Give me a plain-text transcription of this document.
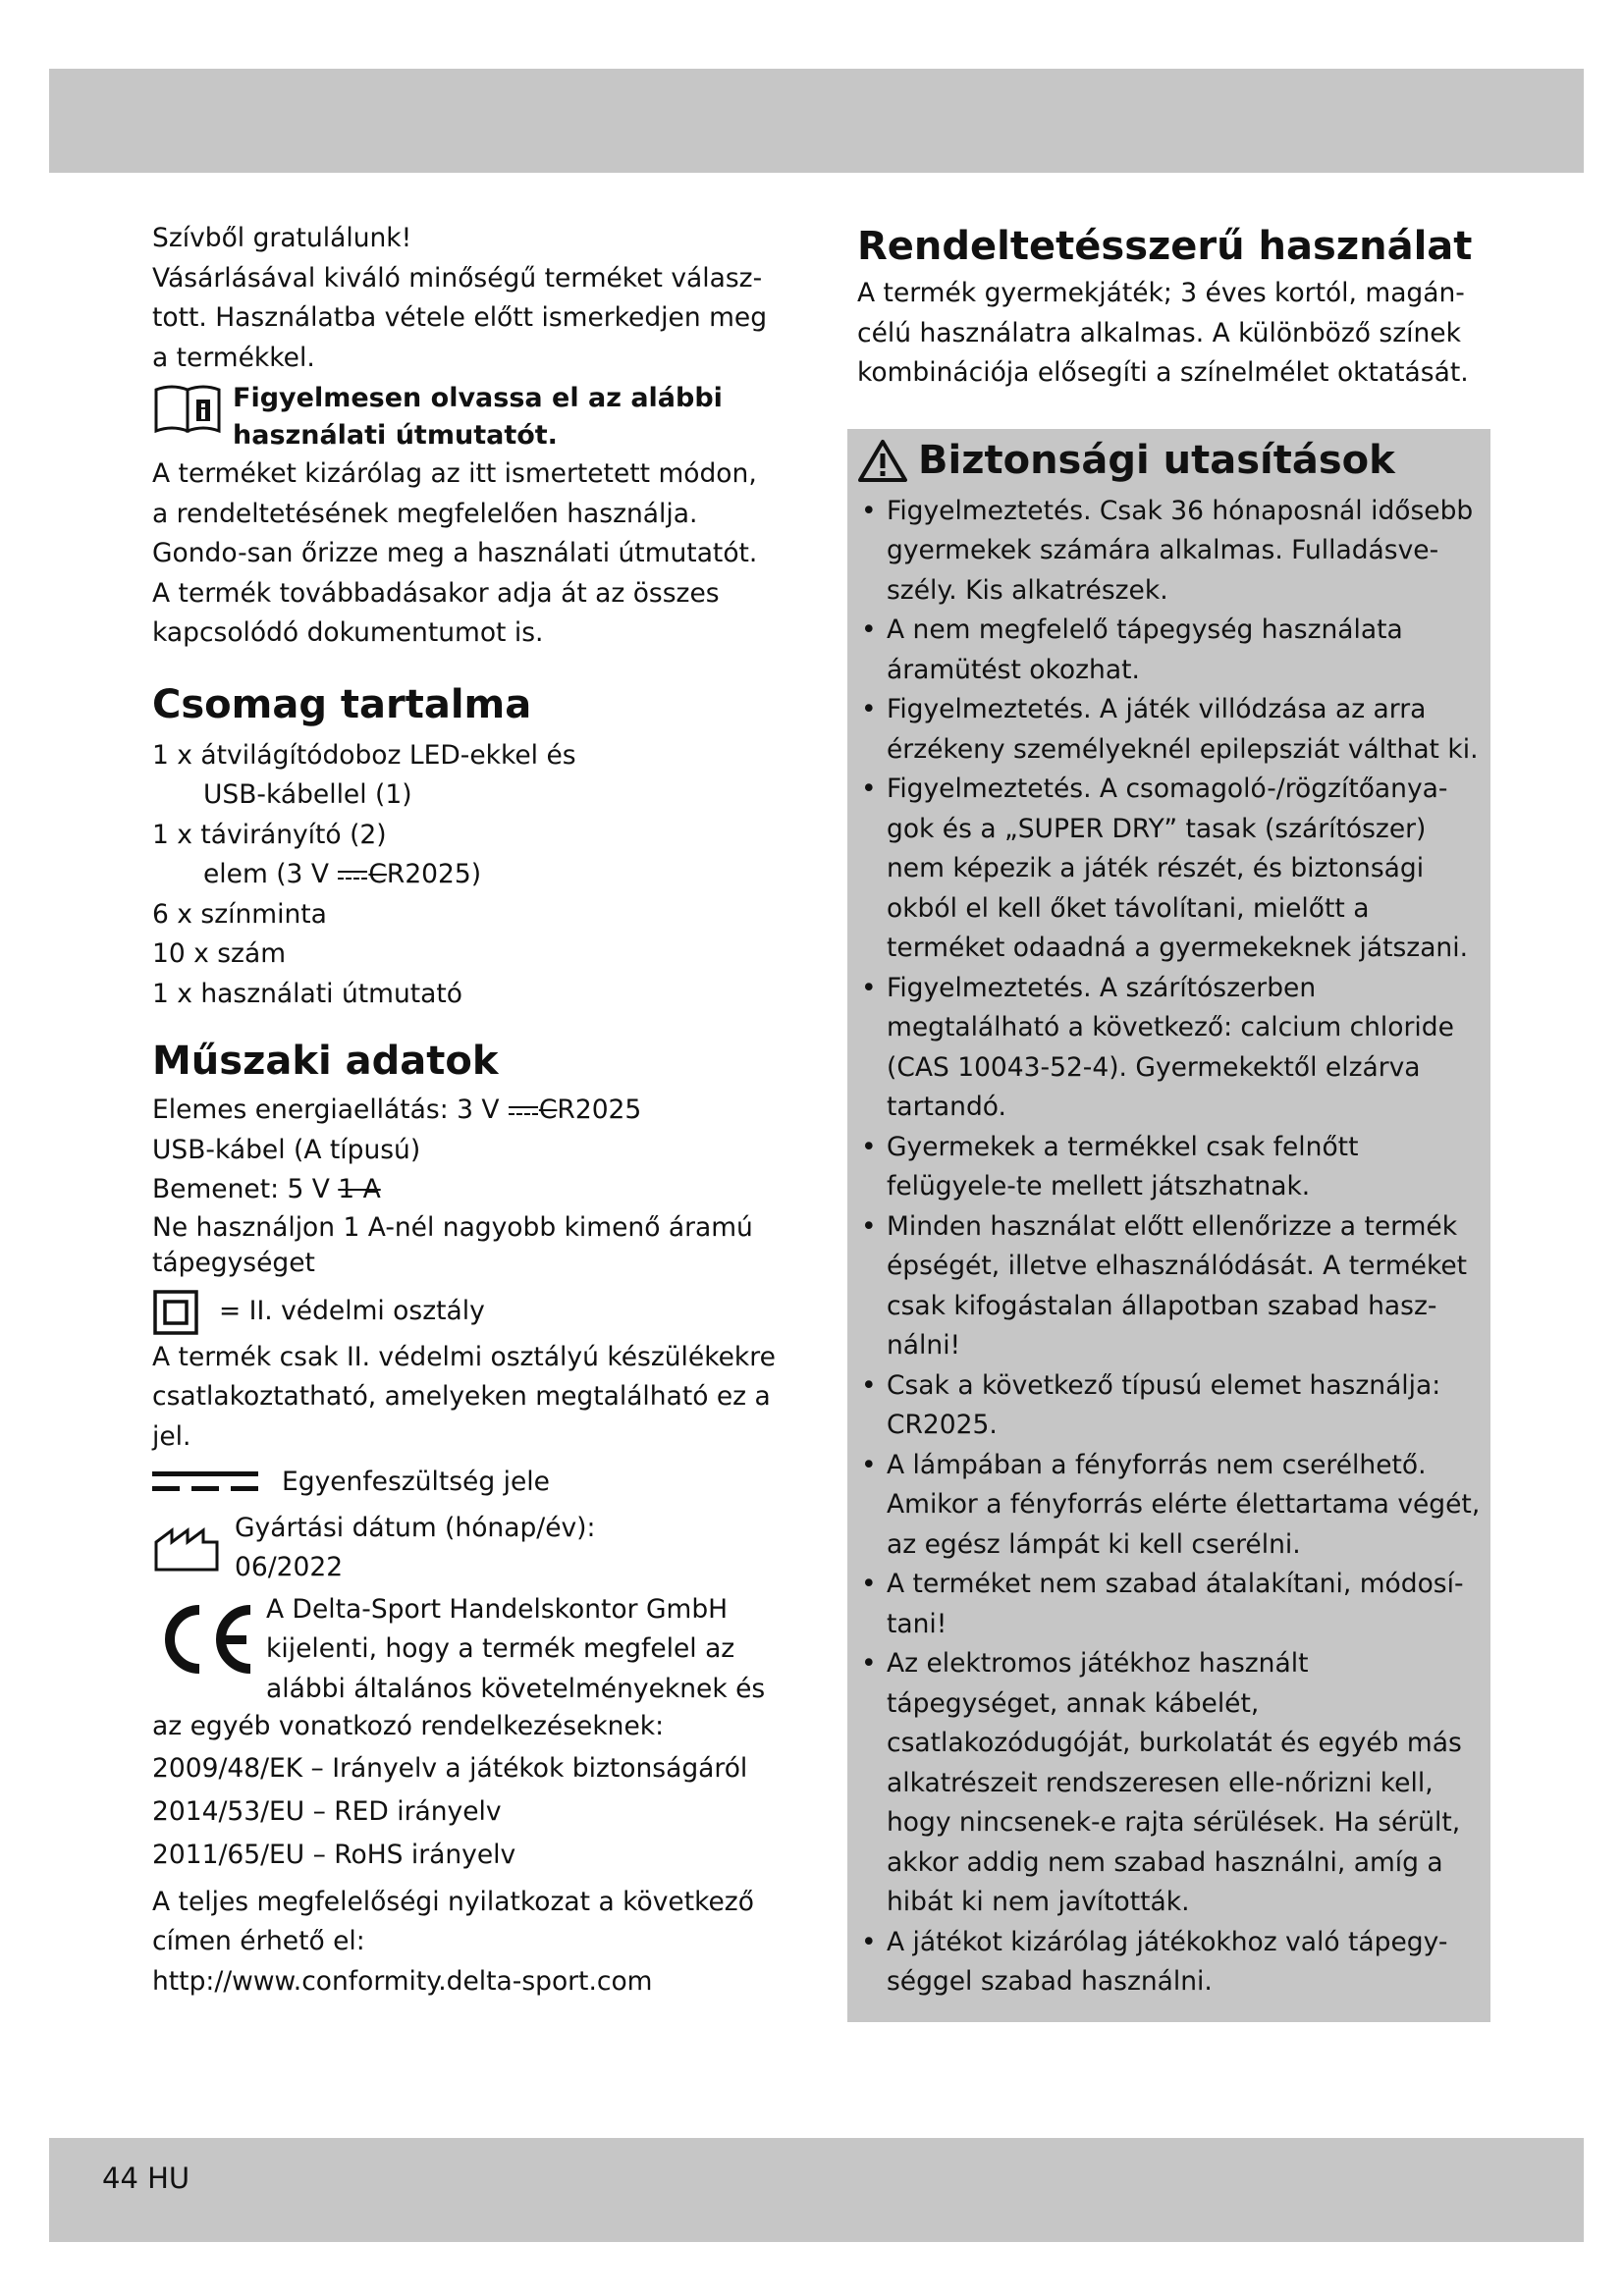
Szívből gratulálunk!

Vásárlásával kiváló minőségű terméket válasz-tott. Használatba vétele előtt ismerkedjen meg a termékkel.

Figyelmesen olvassa el az alábbi használati útmutatót.

A terméket kizárólag az itt ismertetett módon, a rendeltetésének megfelelően használja. Gondo-san őrizze meg a használati útmutatót. A termék továbbadásakor adja át az összes kapcsolódó dokumentumot is.

Csomag tartalma

1 x átvilágítódoboz LED-ekkel és

USB-kábellel (1)

1 x távirányító (2)

elem (3 V CR2025)

6 x színminta

10 x szám

1 x használati útmutató

Műszaki adatok

Elemes energiaellátás: 3 V CR2025

USB-kábel (A típusú)

Bemenet: 5 V 1 A

Ne használjon 1 A-nél nagyobb kimenő áramú tápegységet

= II. védelmi osztály

A termék csak II. védelmi osztályú készülékekre csatlakoztatható, amelyeken megtalálható ez a jel.

Egyenfeszültség jele

Gyártási dátum (hónap/év):

06/2022

A Delta-Sport Handelskontor GmbH kijelenti, hogy a termék megfelel az alábbi általános követelményeknek és

az egyéb vonatkozó rendelkezéseknek:

2009/48/EK – Irányelv a játékok biztonságáról

2014/53/EU – RED irányelv

2011/65/EU – RoHS irányelv

A teljes megfelelőségi nyilatkozat a következő címen érhető el:

http://www.conformity.delta-sport.com

Rendeltetésszerű használat

A termék gyermekjáték; 3 éves kortól, magán-célú használatra alkalmas. A különböző színek kombinációja elősegíti a színelmélet oktatását.

Biztonsági utasítások
• Figyelmeztetés. Csak 36 hónaposnál idősebb gyermekek számára alkalmas. Fulladásve-szély. Kis alkatrészek.
• A nem megfelelő tápegység használata áramütést okozhat.
• Figyelmeztetés. A játék villódzása az arra érzékeny személyeknél epilepsziát válthat ki.
• Figyelmeztetés. A csomagoló-/rögzítőanya-gok és a „SUPER DRY” tasak (szárítószer) nem képezik a játék részét, és biztonsági okból el kell őket távolítani, mielőtt a terméket odaadná a gyermekeknek játszani.
• Figyelmeztetés. A szárítószerben megtalálható a következő: calcium chloride (CAS 10043-52-4). Gyermekektől elzárva tartandó.
• Gyermekek a termékkel csak felnőtt felügyele-te mellett játszhatnak.
• Minden használat előtt ellenőrizze a termék épségét, illetve elhasználódását. A terméket csak kifogástalan állapotban szabad hasz-nálni!
• Csak a következő típusú elemet használja: CR2025.
• A lámpában a fényforrás nem cserélhető. Amikor a fényforrás elérte élettartama végét, az egész lámpát ki kell cserélni.
• A terméket nem szabad átalakítani, módosí-tani!
• Az elektromos játékhoz használt tápegységet, annak kábelét, csatlakozódugóját, burkolatát és egyéb más alkatrészeit rendszeresen elle-nőrizni kell, hogy nincsenek-e rajta sérülések. Ha sérült, akkor addig nem szabad használni, amíg a hibát ki nem javították.
• A játékot kizárólag játékokhoz való tápegy-séggel szabad használni.
44 HU
